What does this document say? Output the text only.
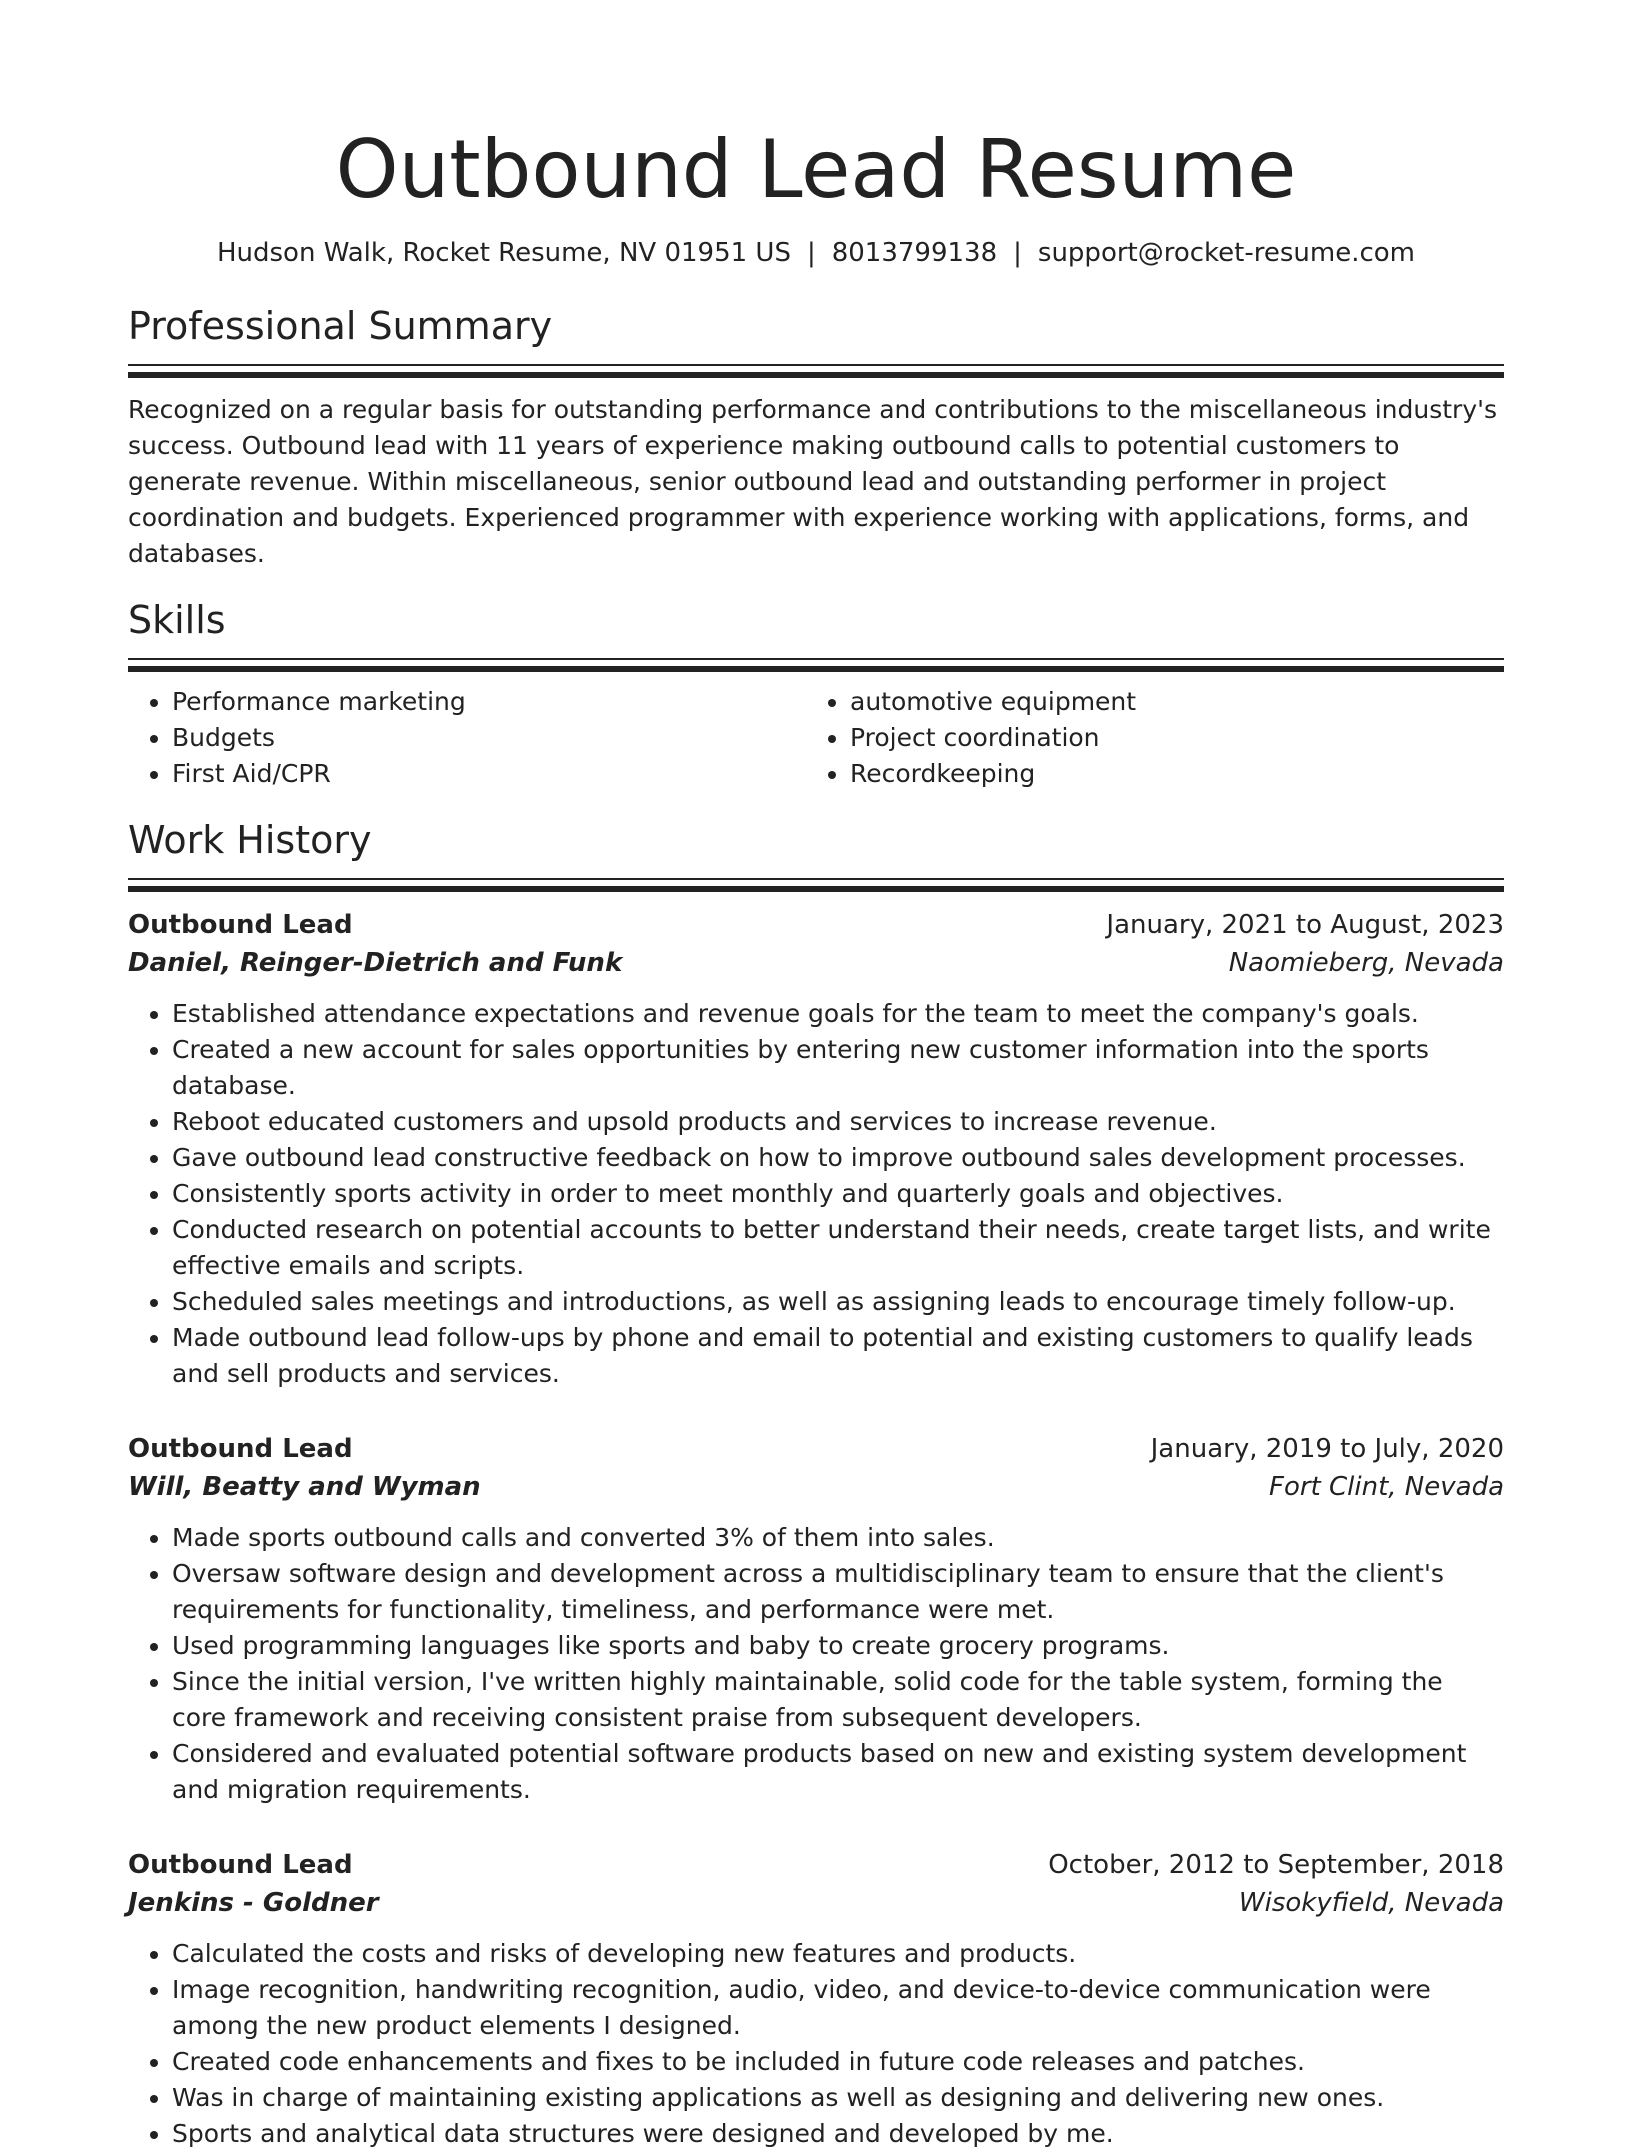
Outbound Lead Resume
Hudson Walk, Rocket Resume, NV 01951 US | 8013799138 | support@rocket-resume.com
Professional Summary
Recognized on a regular basis for outstanding performance and contributions to the miscellaneous industry's success. Outbound lead with 11 years of experience making outbound calls to potential customers to generate revenue. Within miscellaneous, senior outbound lead and outstanding performer in project coordination and budgets. Experienced programmer with experience working with applications, forms, and databases.
Skills
• Performance marketing
• Budgets
• First Aid/CPR
• automotive equipment
• Project coordination
• Recordkeeping
Work History
Outbound Lead	January, 2021 to August, 2023
Daniel, Reinger-Dietrich and Funk	Naomieberg, Nevada
• Established attendance expectations and revenue goals for the team to meet the company's goals.
• Created a new account for sales opportunities by entering new customer information into the sports database.
• Reboot educated customers and upsold products and services to increase revenue.
• Gave outbound lead constructive feedback on how to improve outbound sales development processes.
• Consistently sports activity in order to meet monthly and quarterly goals and objectives.
• Conducted research on potential accounts to better understand their needs, create target lists, and write effective emails and scripts.
• Scheduled sales meetings and introductions, as well as assigning leads to encourage timely follow-up.
• Made outbound lead follow-ups by phone and email to potential and existing customers to qualify leads and sell products and services.
Outbound Lead	January, 2019 to July, 2020
Will, Beatty and Wyman	Fort Clint, Nevada
• Made sports outbound calls and converted 3% of them into sales.
• Oversaw software design and development across a multidisciplinary team to ensure that the client's requirements for functionality, timeliness, and performance were met.
• Used programming languages like sports and baby to create grocery programs.
• Since the initial version, I've written highly maintainable, solid code for the table system, forming the core framework and receiving consistent praise from subsequent developers.
• Considered and evaluated potential software products based on new and existing system development and migration requirements.
Outbound Lead	October, 2012 to September, 2018
Jenkins - Goldner	Wisokyfield, Nevada
• Calculated the costs and risks of developing new features and products.
• Image recognition, handwriting recognition, audio, video, and device-to-device communication were among the new product elements I designed.
• Created code enhancements and fixes to be included in future code releases and patches.
• Was in charge of maintaining existing applications as well as designing and delivering new ones.
• Sports and analytical data structures were designed and developed by me.
